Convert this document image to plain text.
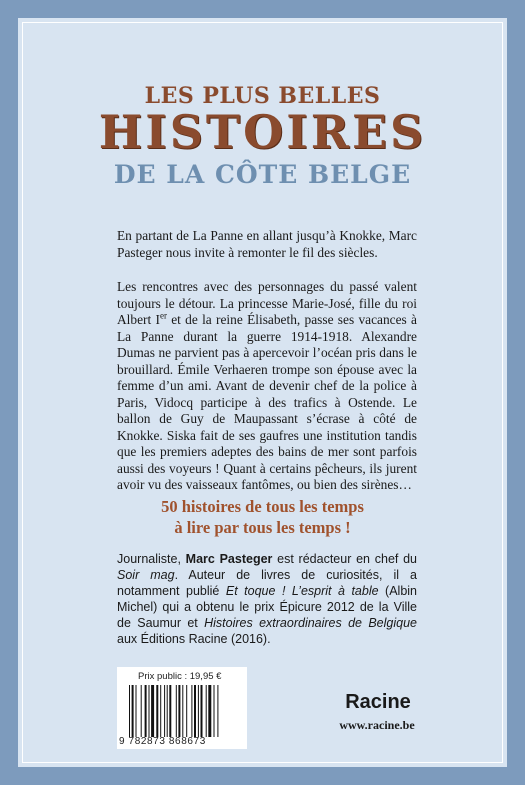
LES PLUS BELLES
HISTOIRES
DE LA CÔTE BELGE
En partant de La Panne en allant jusqu’à Knokke, Marc Pasteger nous invite à remonter le fil des siècles.
Les rencontres avec des personnages du passé valent toujours le détour. La princesse Marie-José, fille du roi Albert Ier et de la reine Élisabeth, passe ses vacances à La Panne durant la guerre 1914-1918. Alexandre Dumas ne parvient pas à apercevoir l’océan pris dans le brouillard. Émile Verhaeren trompe son épouse avec la femme d’un ami. Avant de devenir chef de la police à Paris, Vidocq participe à des trafics à Ostende. Le ballon de Guy de Maupassant s’écrase à côté de Knokke. Siska fait de ses gaufres une institution tandis que les premiers adeptes des bains de mer sont parfois aussi des voyeurs ! Quant à certains pêcheurs, ils jurent avoir vu des vaisseaux fantômes, ou bien des sirènes…
50 histoires de tous les temps
à lire par tous les temps !
Journaliste, Marc Pasteger est rédacteur en chef du Soir mag. Auteur de livres de curiosités, il a notamment publié Et toque ! L’esprit à table (Albin Michel) qui a obtenu le prix Épicure 2012 de la Ville de Saumur et Histoires extraordinaires de Belgique aux Éditions Racine (2016).
Prix public : 19,95 €
9 782873 868673
Racine
www.racine.be
